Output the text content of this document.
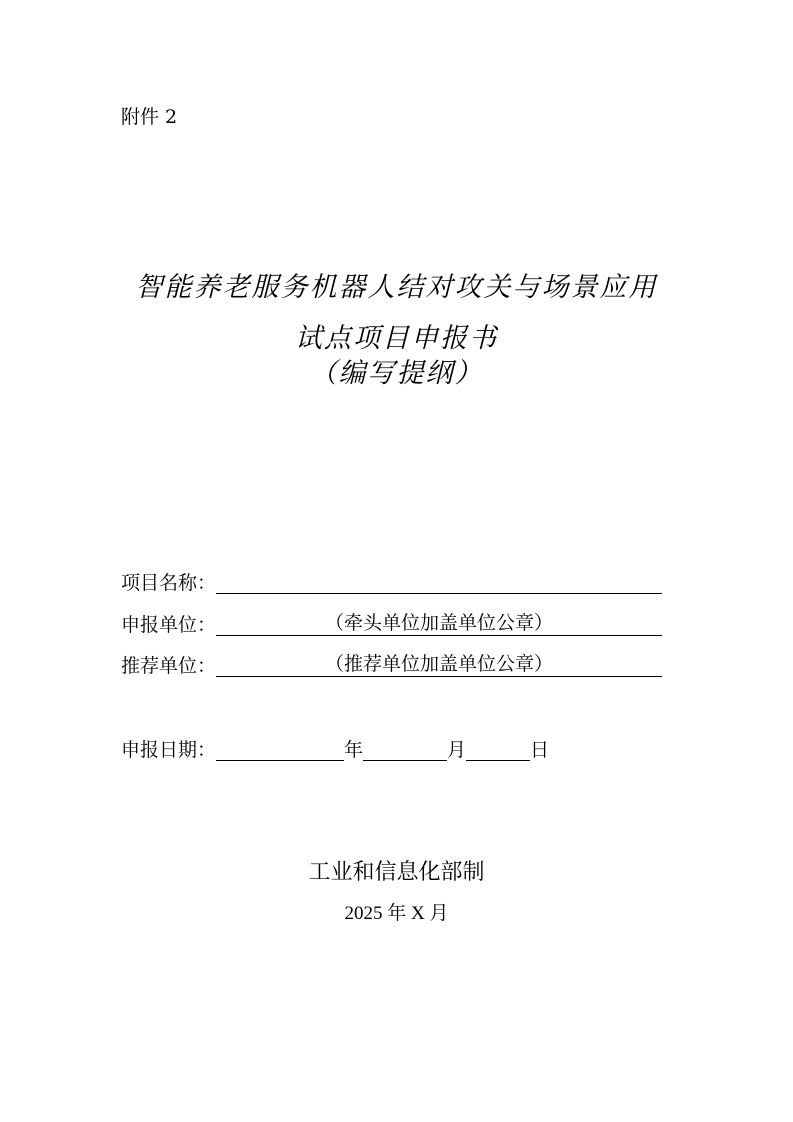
附件 2
智能养老服务机器人结对攻关与场景应用
试点项目申报书
（编写提纲）
项目名称：
申报单位：	（牵头单位加盖单位公章）
推荐单位：	（推荐单位加盖单位公章）
申报日期：	年	月	日
工业和信息化部制
2025 年 X 月
